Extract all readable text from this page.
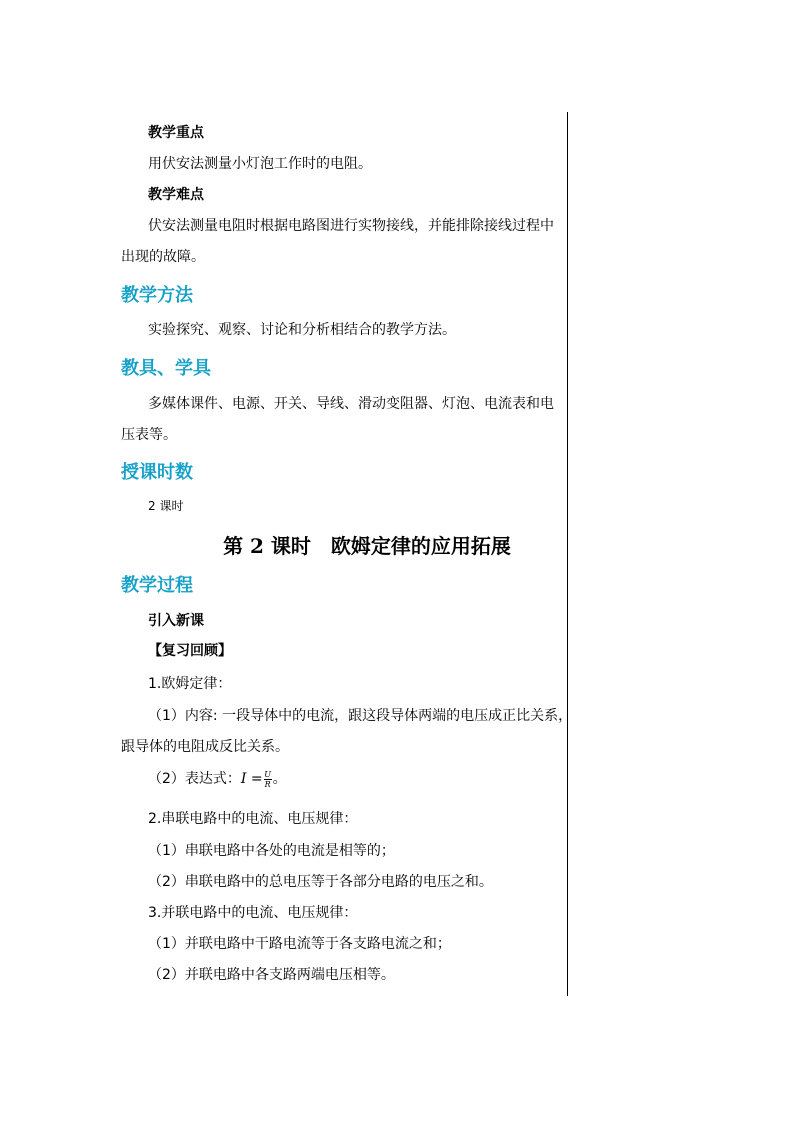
教学重点
用伏安法测量小灯泡工作时的电阻。
教学难点
伏安法测量电阻时根据电路图进行实物接线，并能排除接线过程中
出现的故障。
教学方法
实验探究、观察、讨论和分析相结合的教学方法。
教具、学具
多媒体课件、电源、开关、导线、滑动变阻器、灯泡、电流表和电
压表等。
授课时数
2 课时
第 2 课时　欧姆定律的应用拓展
教学过程
引入新课
【复习回顾】
1.欧姆定律：
（1）内容: 一段导体中的电流，跟这段导体两端的电压成正比关系，
跟导体的电阻成反比关系。
（2）表达式：$I = \frac{U}{R}$ 。
2.串联电路中的电流、电压规律：
（1）串联电路中各处的电流是相等的；
（2）串联电路中的总电压等于各部分电路的电压之和。
3.并联电路中的电流、电压规律：
（1）并联电路中干路电流等于各支路电流之和；
（2）并联电路中各支路两端电压相等。
